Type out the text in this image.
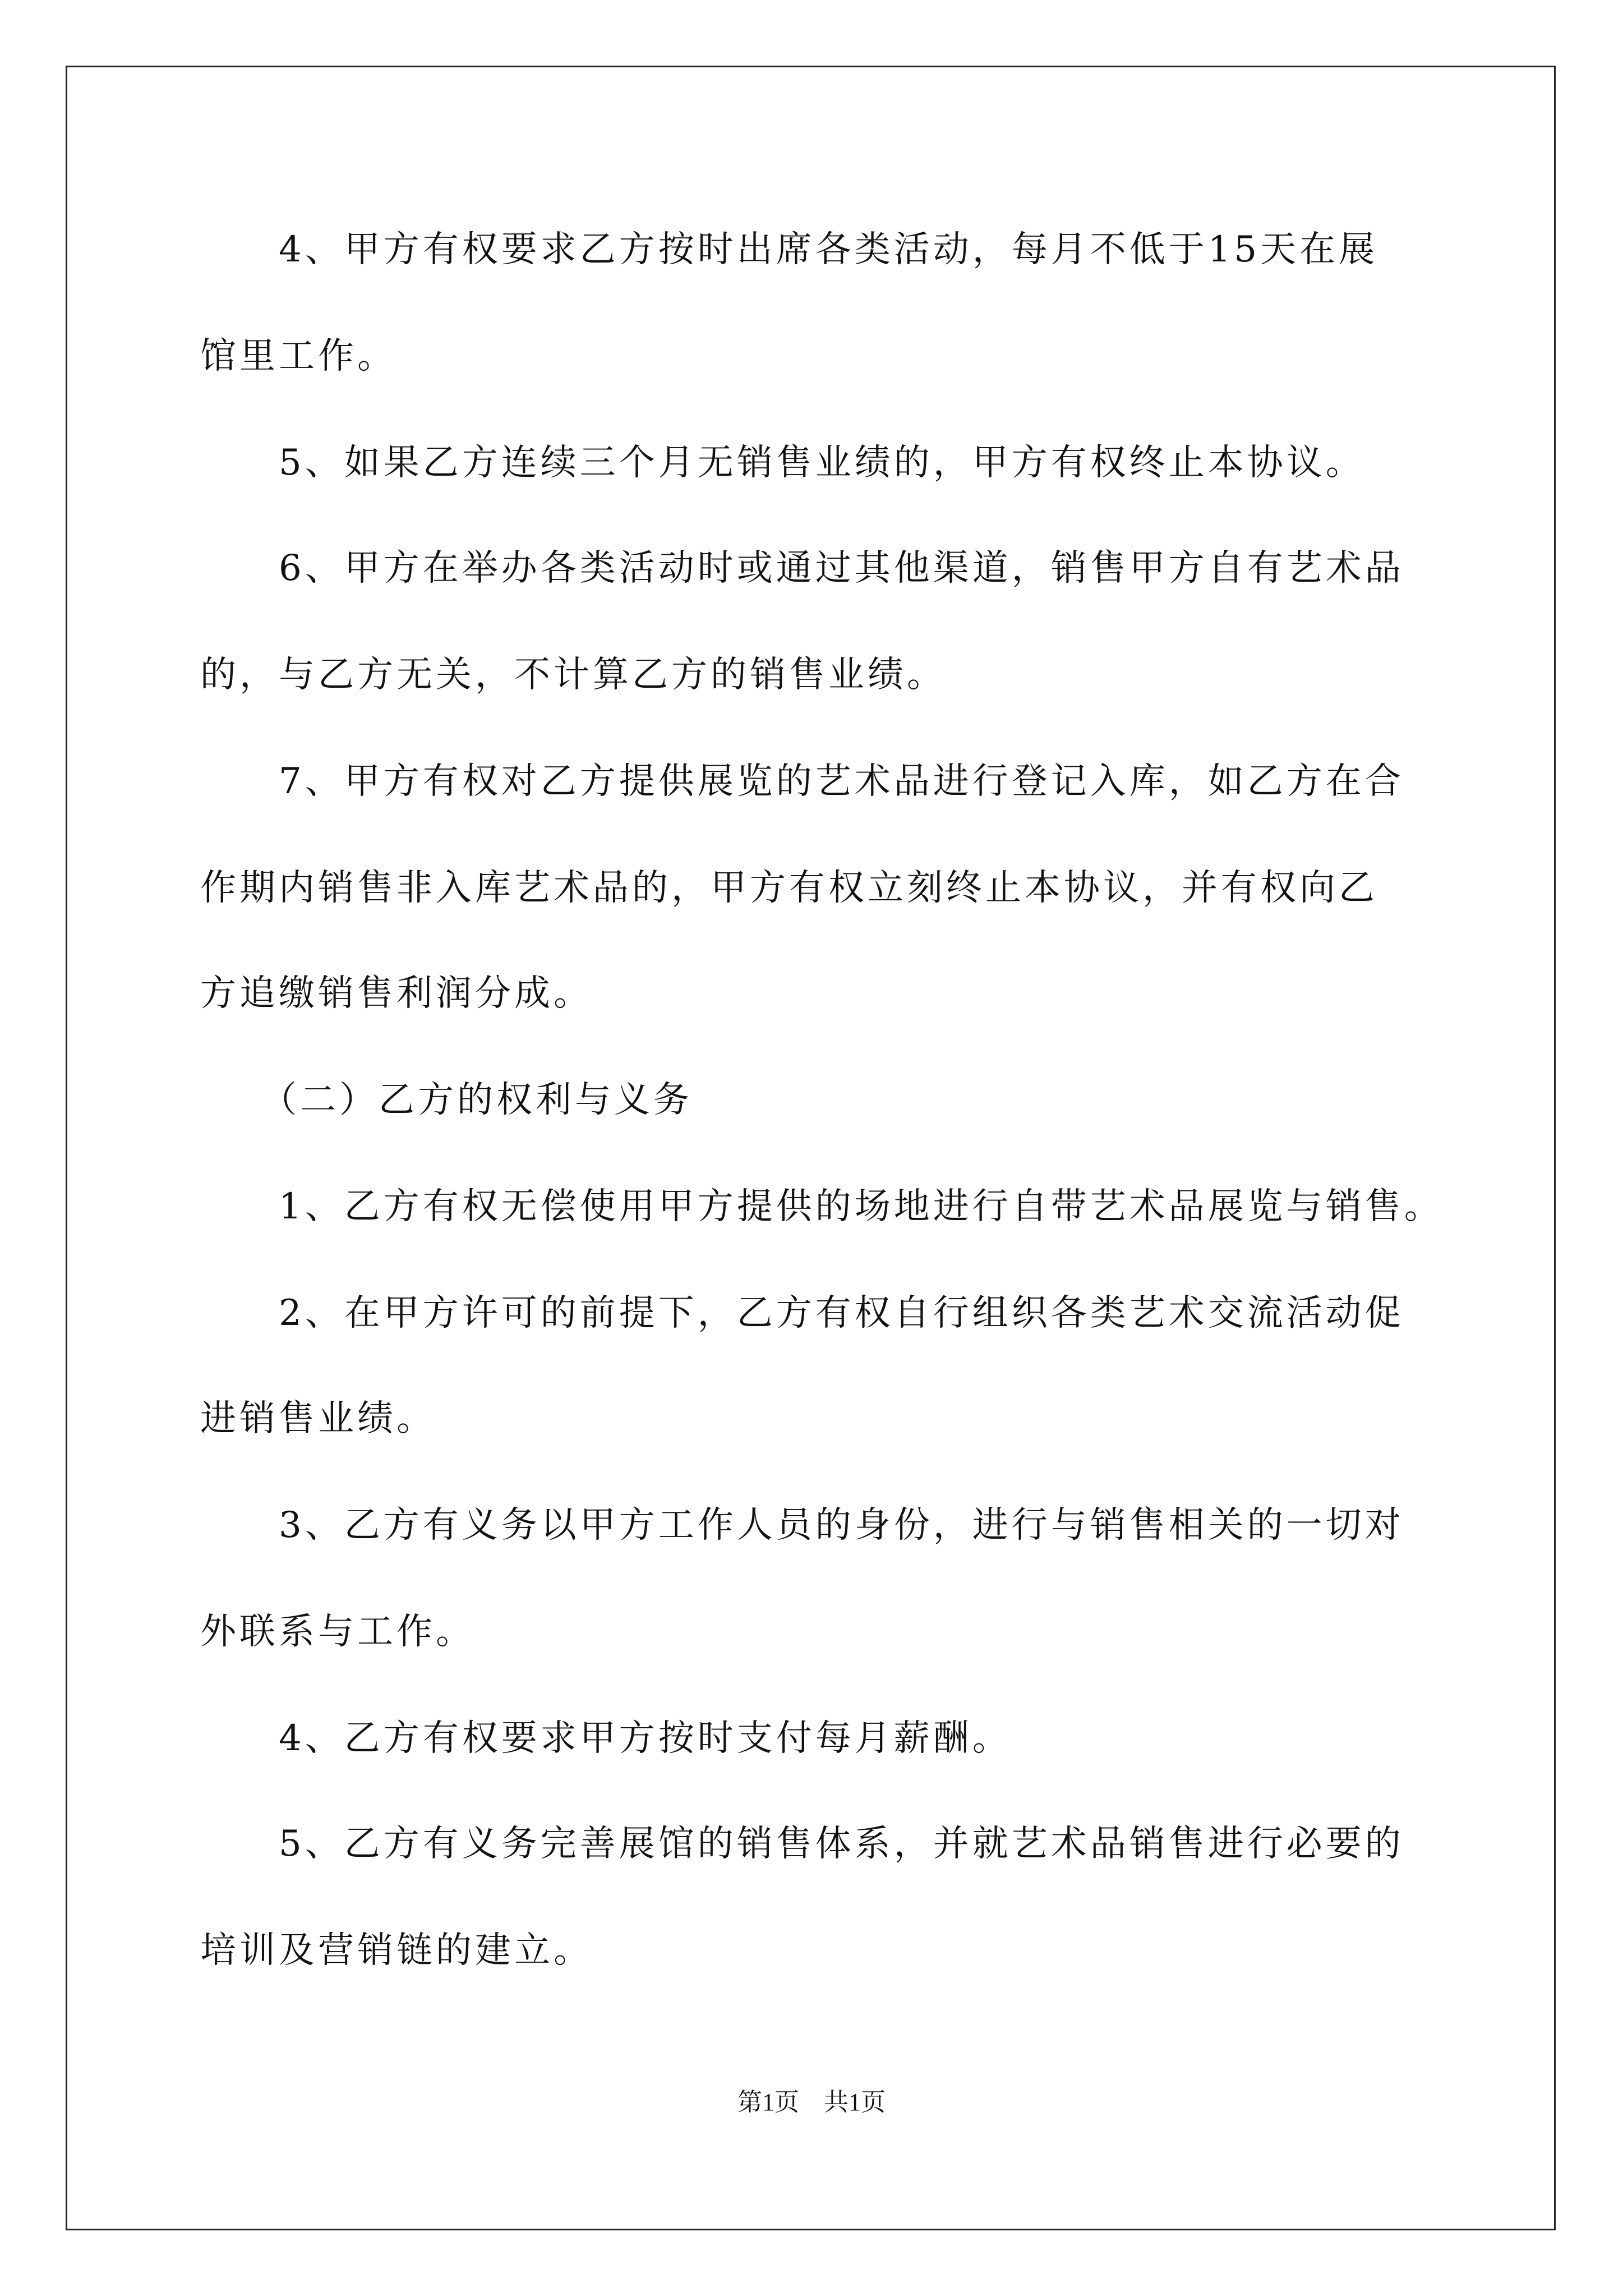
　　4、甲方有权要求乙方按时出席各类活动，每月不低于15天在展
馆里工作。
　　5、如果乙方连续三个月无销售业绩的，甲方有权终止本协议。
　　6、甲方在举办各类活动时或通过其他渠道，销售甲方自有艺术品
的，与乙方无关，不计算乙方的销售业绩。
　　7、甲方有权对乙方提供展览的艺术品进行登记入库，如乙方在合
作期内销售非入库艺术品的，甲方有权立刻终止本协议，并有权向乙
方追缴销售利润分成。
　　（二）乙方的权利与义务
　　1、乙方有权无偿使用甲方提供的场地进行自带艺术品展览与销售。
　　2、在甲方许可的前提下，乙方有权自行组织各类艺术交流活动促
进销售业绩。
　　3、乙方有义务以甲方工作人员的身份，进行与销售相关的一切对
外联系与工作。
　　4、乙方有权要求甲方按时支付每月薪酬。
　　5、乙方有义务完善展馆的销售体系，并就艺术品销售进行必要的
培训及营销链的建立。
第1页　共1页
